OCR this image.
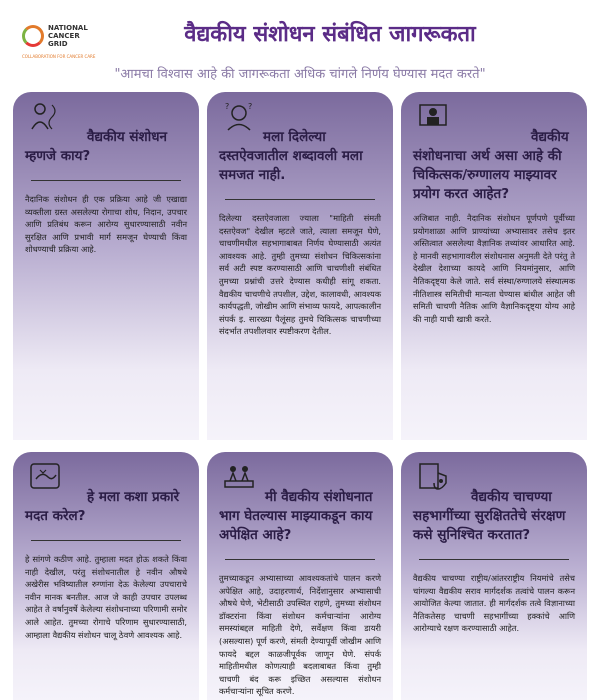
NATIONAL
CANCER
GRID
COLLABORATION FOR CANCER CARE
वैद्यकीय संशोधन संबंधित जागरूकता
"आमचा विश्वास आहे की जागरूकता अधिक चांगले निर्णय घेण्यास मदत करते"
वैद्यकीय संशोधन म्हणजे काय?
नैदानिक संशोधन ही एक प्रक्रिया आहे जी एखाद्या व्यक्तीला ग्रस्त असलेल्या रोगाचा शोध, निदान, उपचार आणि प्रतिबंध करून आरोग्य सुधारण्यासाठी नवीन सुरक्षित आणि प्रभावी मार्ग समजून घेण्याची किंवा शोधण्याची प्रक्रिया आहे.
?
?
मला दिलेल्या दस्तऐवजातील शब्दावली मला समजत नाही.
दिलेल्या दस्तऐवजाला ज्याला "माहिती संमती दस्तऐवज" देखील म्हटले जाते, त्याला समजून घेणे, चाचणीमधील सहभागाबाबत निर्णय घेण्यासाठी अत्यंत आवश्यक आहे. तुम्ही तुमच्या संशोधन चिकित्सकांना सर्व अटी स्पष्ट करण्यासाठी आणि चाचणीशी संबंधित तुमच्या प्रश्नांची उत्तरे देण्यास कधीही सांगू शकता. वैद्यकीय चाचणीचे तपशील, उद्देश, कालावधी, आवश्यक कार्यपद्धती, जोखीम आणि संभाव्य फायदे, आपत्कालीन संपर्क इ. सारख्या पैलूंसह तुमचे चिकित्सक चाचणीच्या संदर्भात तपशीलवार स्पष्टीकरण देतील.
वैद्यकीय संशोधनाचा अर्थ असा आहे की चिकित्सक/रुग्णालय माझ्यावर प्रयोग करत आहेत?
अजिबात नाही. नैदानिक संशोधन पूर्णपणे पूर्वीच्या प्रयोगशाळा आणि प्राण्यांच्या अभ्यासावर तसेच इतर अस्तित्वात असलेल्या वैज्ञानिक तथ्यांवर आधारित आहे. हे मानवी सहभागावरील संशोधनास अनुमती देते परंतु ते देखील देशाच्या कायदे आणि नियमांनुसार, आणि नैतिकदृष्ट्या केले जाते. सर्व संस्था/रुग्णालये संस्थात्मक नीतिशास्त्र समितीची मान्यता घेण्यास बांधील आहेत जी समिती चाचणी नैतिक आणि वैज्ञानिकदृष्ट्या योग्य आहे की नाही याची खात्री करते.
हे मला कशा प्रकारे मदत करेल?
हे सांगणे कठीण आहे. तुम्हाला मदत होऊ शकते किंवा नाही देखील, परंतु संशोधनातील हे नवीन औषधे अखेरीस भविष्यातील रुग्णांना देऊ केलेल्या उपचाराचे नवीन मानक बनतील. आज जे काही उपचार उपलब्ध आहेत ते वर्षानुवर्षे केलेल्या संशोधनाच्या परिणामी समोर आले आहेत. तुमच्या रोगाचे परिणाम सुधारण्यासाठी, आम्हाला वैद्यकीय संशोधन चालू ठेवणे आवश्यक आहे.
मी वैद्यकीय संशोधनात भाग घेतल्यास माझ्याकडून काय अपेक्षित आहे?
तुमच्याकडून अभ्यासाच्या आवश्यकतांचे पालन करणे अपेक्षित आहे, उदाहरणार्थ, निर्देशानुसार अभ्यासाची औषधे घेणे, भेटीसाठी उपस्थित राहणे, तुमच्या संशोधन डॉक्टरांना किंवा संशोधन कर्मचाऱ्यांना आरोग्य समस्यांबद्दल माहिती देणे, सर्वेक्षण किंवा डायरी (असल्यास) पूर्ण करणे, संमती देण्यापूर्वी जोखीम आणि फायदे बद्दल काळजीपूर्वक जाणून घेणे. संपर्क माहितीमधील कोणत्याही बदलाबाबत किंवा तुम्ही चाचणी बंद करू इच्छित असल्यास संशोधन कर्मचाऱ्यांना सूचित करणे.
वैद्यकीय चाचण्या सहभागींच्या सुरक्षिततेचे संरक्षण कसे सुनिश्चित करतात?
वैद्यकीय चाचण्या राष्ट्रीय/आंतरराष्ट्रीय नियमांचे तसेच चांगल्या वैद्यकीय सराव मार्गदर्शक तत्वांचे पालन करून आयोजित केल्या जातात. ही मार्गदर्शक तत्वे विज्ञानाच्या नैतिकतेसह चाचणी सहभागींच्या हक्कांचे आणि आरोग्याचे रक्षण करण्यासाठी आहेत.
